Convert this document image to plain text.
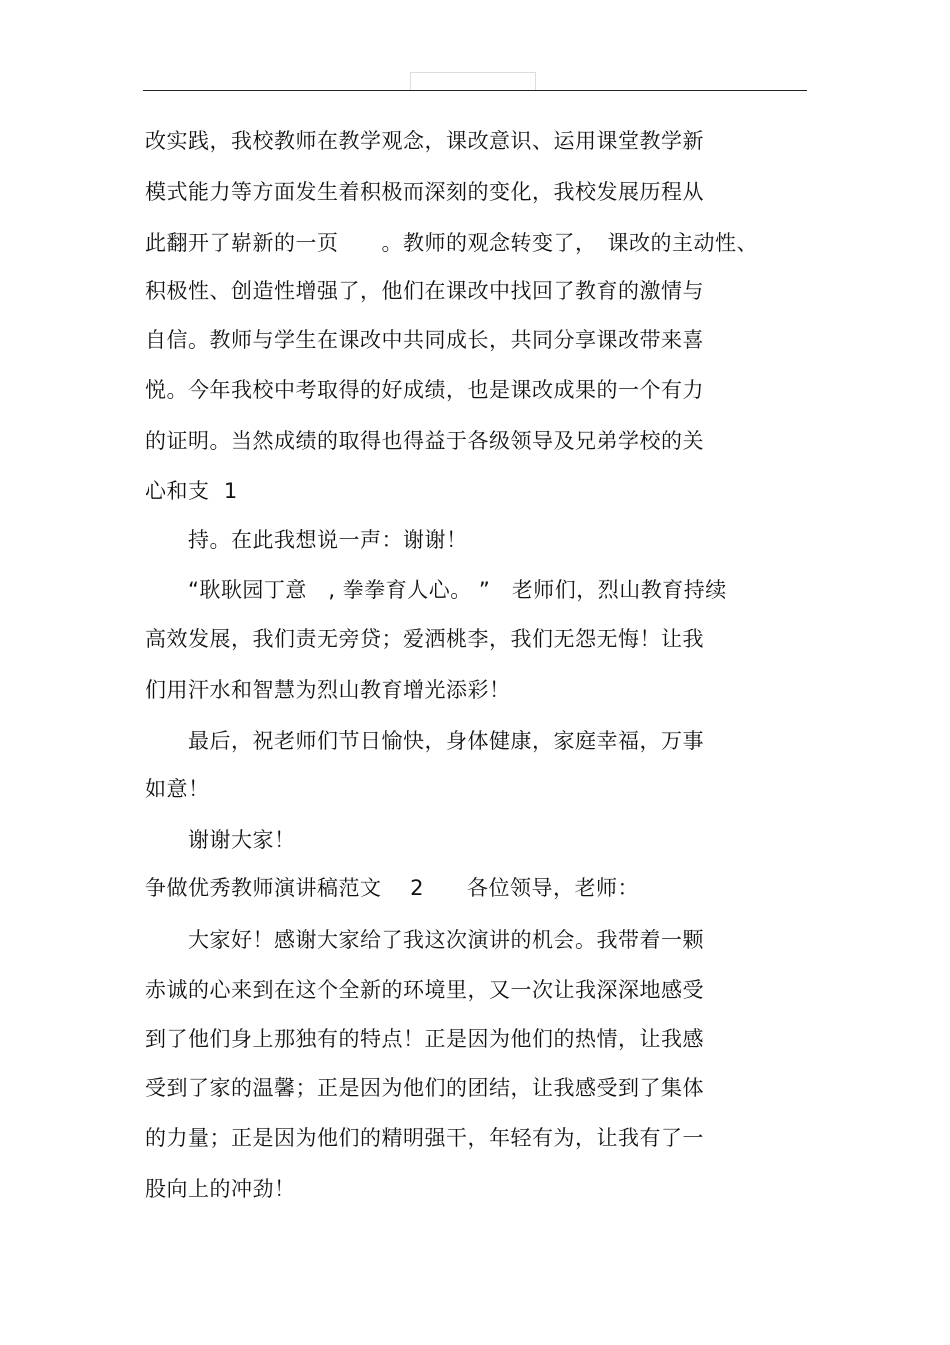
改实践，我校教师在教学观念，课改意识、运用课堂教学新
模式能力等方面发生着积极而深刻的变化，我校发展历程从
此翻开了崭新的一页　　。教师的观念转变了，　课改的主动性、
积极性、创造性增强了，他们在课改中找回了教育的激情与
自信。教师与学生在课改中共同成长，共同分享课改带来喜
悦。今年我校中考取得的好成绩，也是课改成果的一个有力
的证明。当然成绩的取得也得益于各级领导及兄弟学校的关
心和支  1
　　持。在此我想说一声：谢谢！
　　“耿耿园丁意　, 拳拳育人心。 ”　老师们，烈山教育持续
高效发展，我们责无旁贷；爱洒桃李，我们无怨无悔！让我
们用汗水和智慧为烈山教育增光添彩！
　　最后，祝老师们节日愉快，身体健康，家庭幸福，万事
如意！
　　谢谢大家！
争做优秀教师演讲稿范文　 2　　各位领导，老师：
　　大家好！感谢大家给了我这次演讲的机会。我带着一颗
赤诚的心来到在这个全新的环境里，又一次让我深深地感受
到了他们身上那独有的特点！正是因为他们的热情，让我感
受到了家的温馨；正是因为他们的团结，让我感受到了集体
的力量；正是因为他们的精明强干，年轻有为，让我有了一
股向上的冲劲！
